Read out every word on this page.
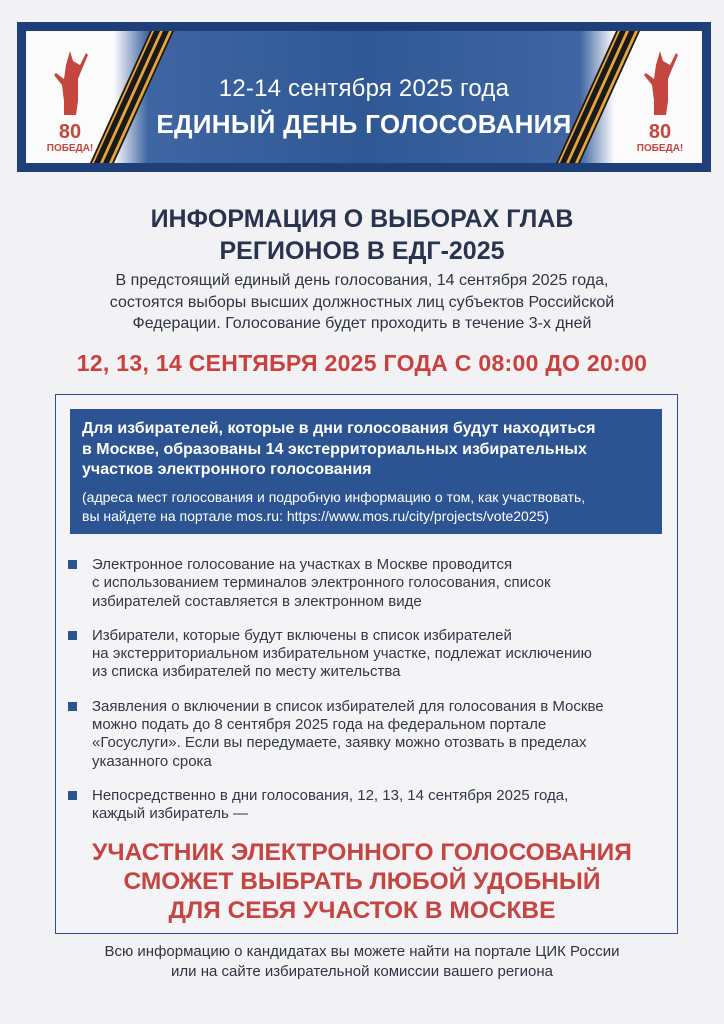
80
ПОБЕДА!
80
ПОБЕДА!
12-14 сентября 2025 года
ЕДИНЫЙ ДЕНЬ ГОЛОСОВАНИЯ
ИНФОРМАЦИЯ О ВЫБОРАХ ГЛАВ
РЕГИОНОВ В ЕДГ-2025
В предстоящий единый день голосования, 14 сентября 2025 года,
состоятся выборы высших должностных лиц субъектов Российской
Федерации. Голосование будет проходить в течение 3-х дней
12, 13, 14 СЕНТЯБРЯ 2025 ГОДА С 08:00 ДО 20:00
Для избирателей, которые в дни голосования будут находиться
в Москве, образованы 14 экстерриториальных избирательных
участков электронного голосования
(адреса мест голосования и подробную информацию о том, как участвовать,
вы найдете на портале mos.ru: https://www.mos.ru/city/projects/vote2025)
Электронное голосование на участках в Москве проводится
с использованием терминалов электронного голосования, список
избирателей составляется в электронном виде
Избиратели, которые будут включены в список избирателей
на экстерриториальном избирательном участке, подлежат исключению
из списка избирателей по месту жительства
Заявления о включении в список избирателей для голосования в Москве
можно подать до 8 сентября 2025 года на федеральном портале
«Госуслуги». Если вы передумаете, заявку можно отозвать в пределах
указанного срока
Непосредственно в дни голосования, 12, 13, 14 сентября 2025 года,
каждый избиратель —
УЧАСТНИК ЭЛЕКТРОННОГО ГОЛОСОВАНИЯ
СМОЖЕТ ВЫБРАТЬ ЛЮБОЙ УДОБНЫЙ
ДЛЯ СЕБЯ УЧАСТОК В МОСКВЕ
Всю информацию о кандидатах вы можете найти на портале ЦИК России
или на сайте избирательной комиссии вашего региона
